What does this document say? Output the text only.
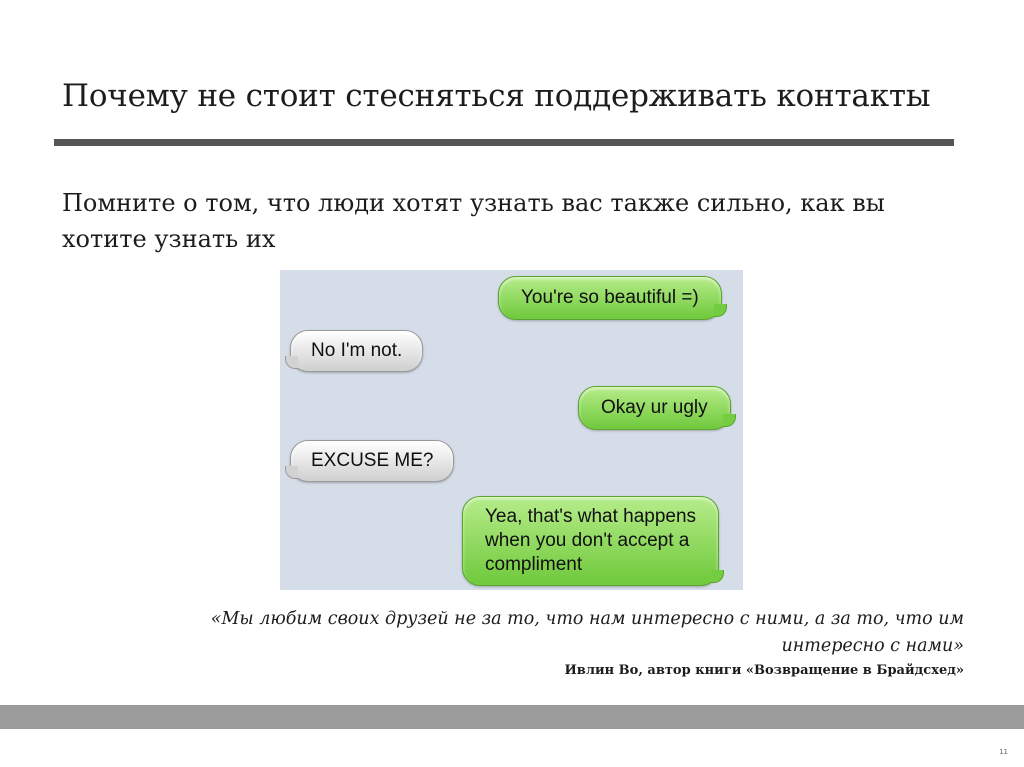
Почему не стоит стесняться поддерживать контакты
Помните о том, что люди хотят узнать вас также сильно, как вы хотите узнать их
You're so beautiful =)
No I'm not.
Okay ur ugly
EXCUSE ME?
Yea, that's what happens
when you don't accept a
compliment
«Мы любим своих друзей не за то, что нам интересно с ними, а за то, что им интересно с нами»
Ивлин Во, автор книги «Возвращение в Брайдсхед»
11
